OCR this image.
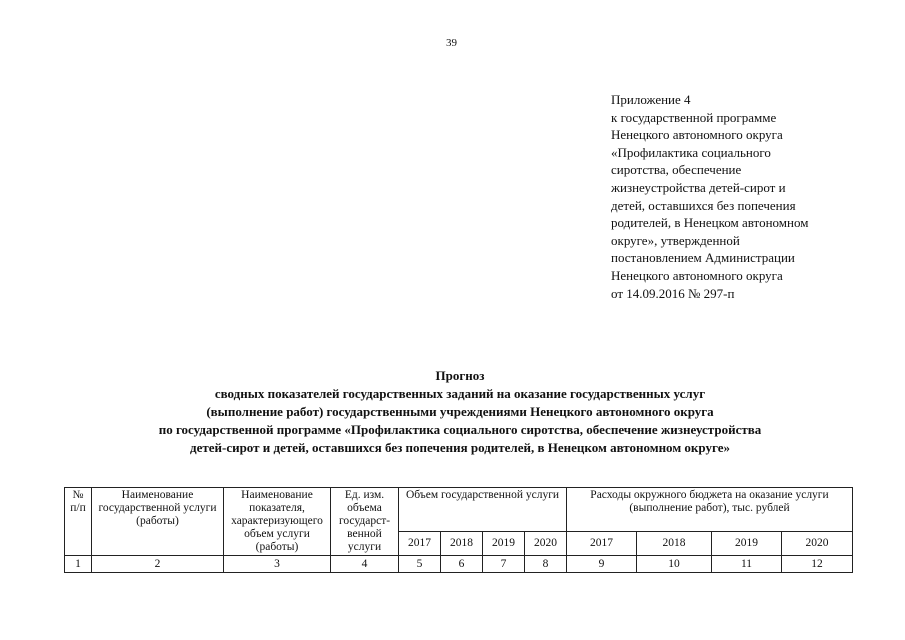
39
Приложение 4
к государственной программе
Ненецкого автономного округа
«Профилактика социального
сиротства, обеспечение
жизнеустройства детей-сирот и
детей, оставшихся без попечения
родителей, в Ненецком автономном
округе», утвержденной
постановлением Администрации
Ненецкого автономного округа
от 14.09.2016 № 297-п
Прогноз
сводных показателей государственных заданий на оказание государственных услуг
(выполнение работ) государственными учреждениями Ненецкого автономного округа
по государственной программе «Профилактика социального сиротства, обеспечение жизнеустройства
детей-сирот и детей, оставшихся без попечения родителей, в Ненецком автономном округе»
№ п/п	Наименование государственной услуги (работы)	Наименование показателя, характеризующего объем услуги (работы)	Ед. изм. объема государст-венной услуги	Объем государственной услуги				Расходы окружного бюджета на оказание услуги (выполнение работ), тыс. рублей			
				2017	2018	2019	2020	2017	2018	2019	2020
1	2	3	4	5	6	7	8	9	10	11	12
